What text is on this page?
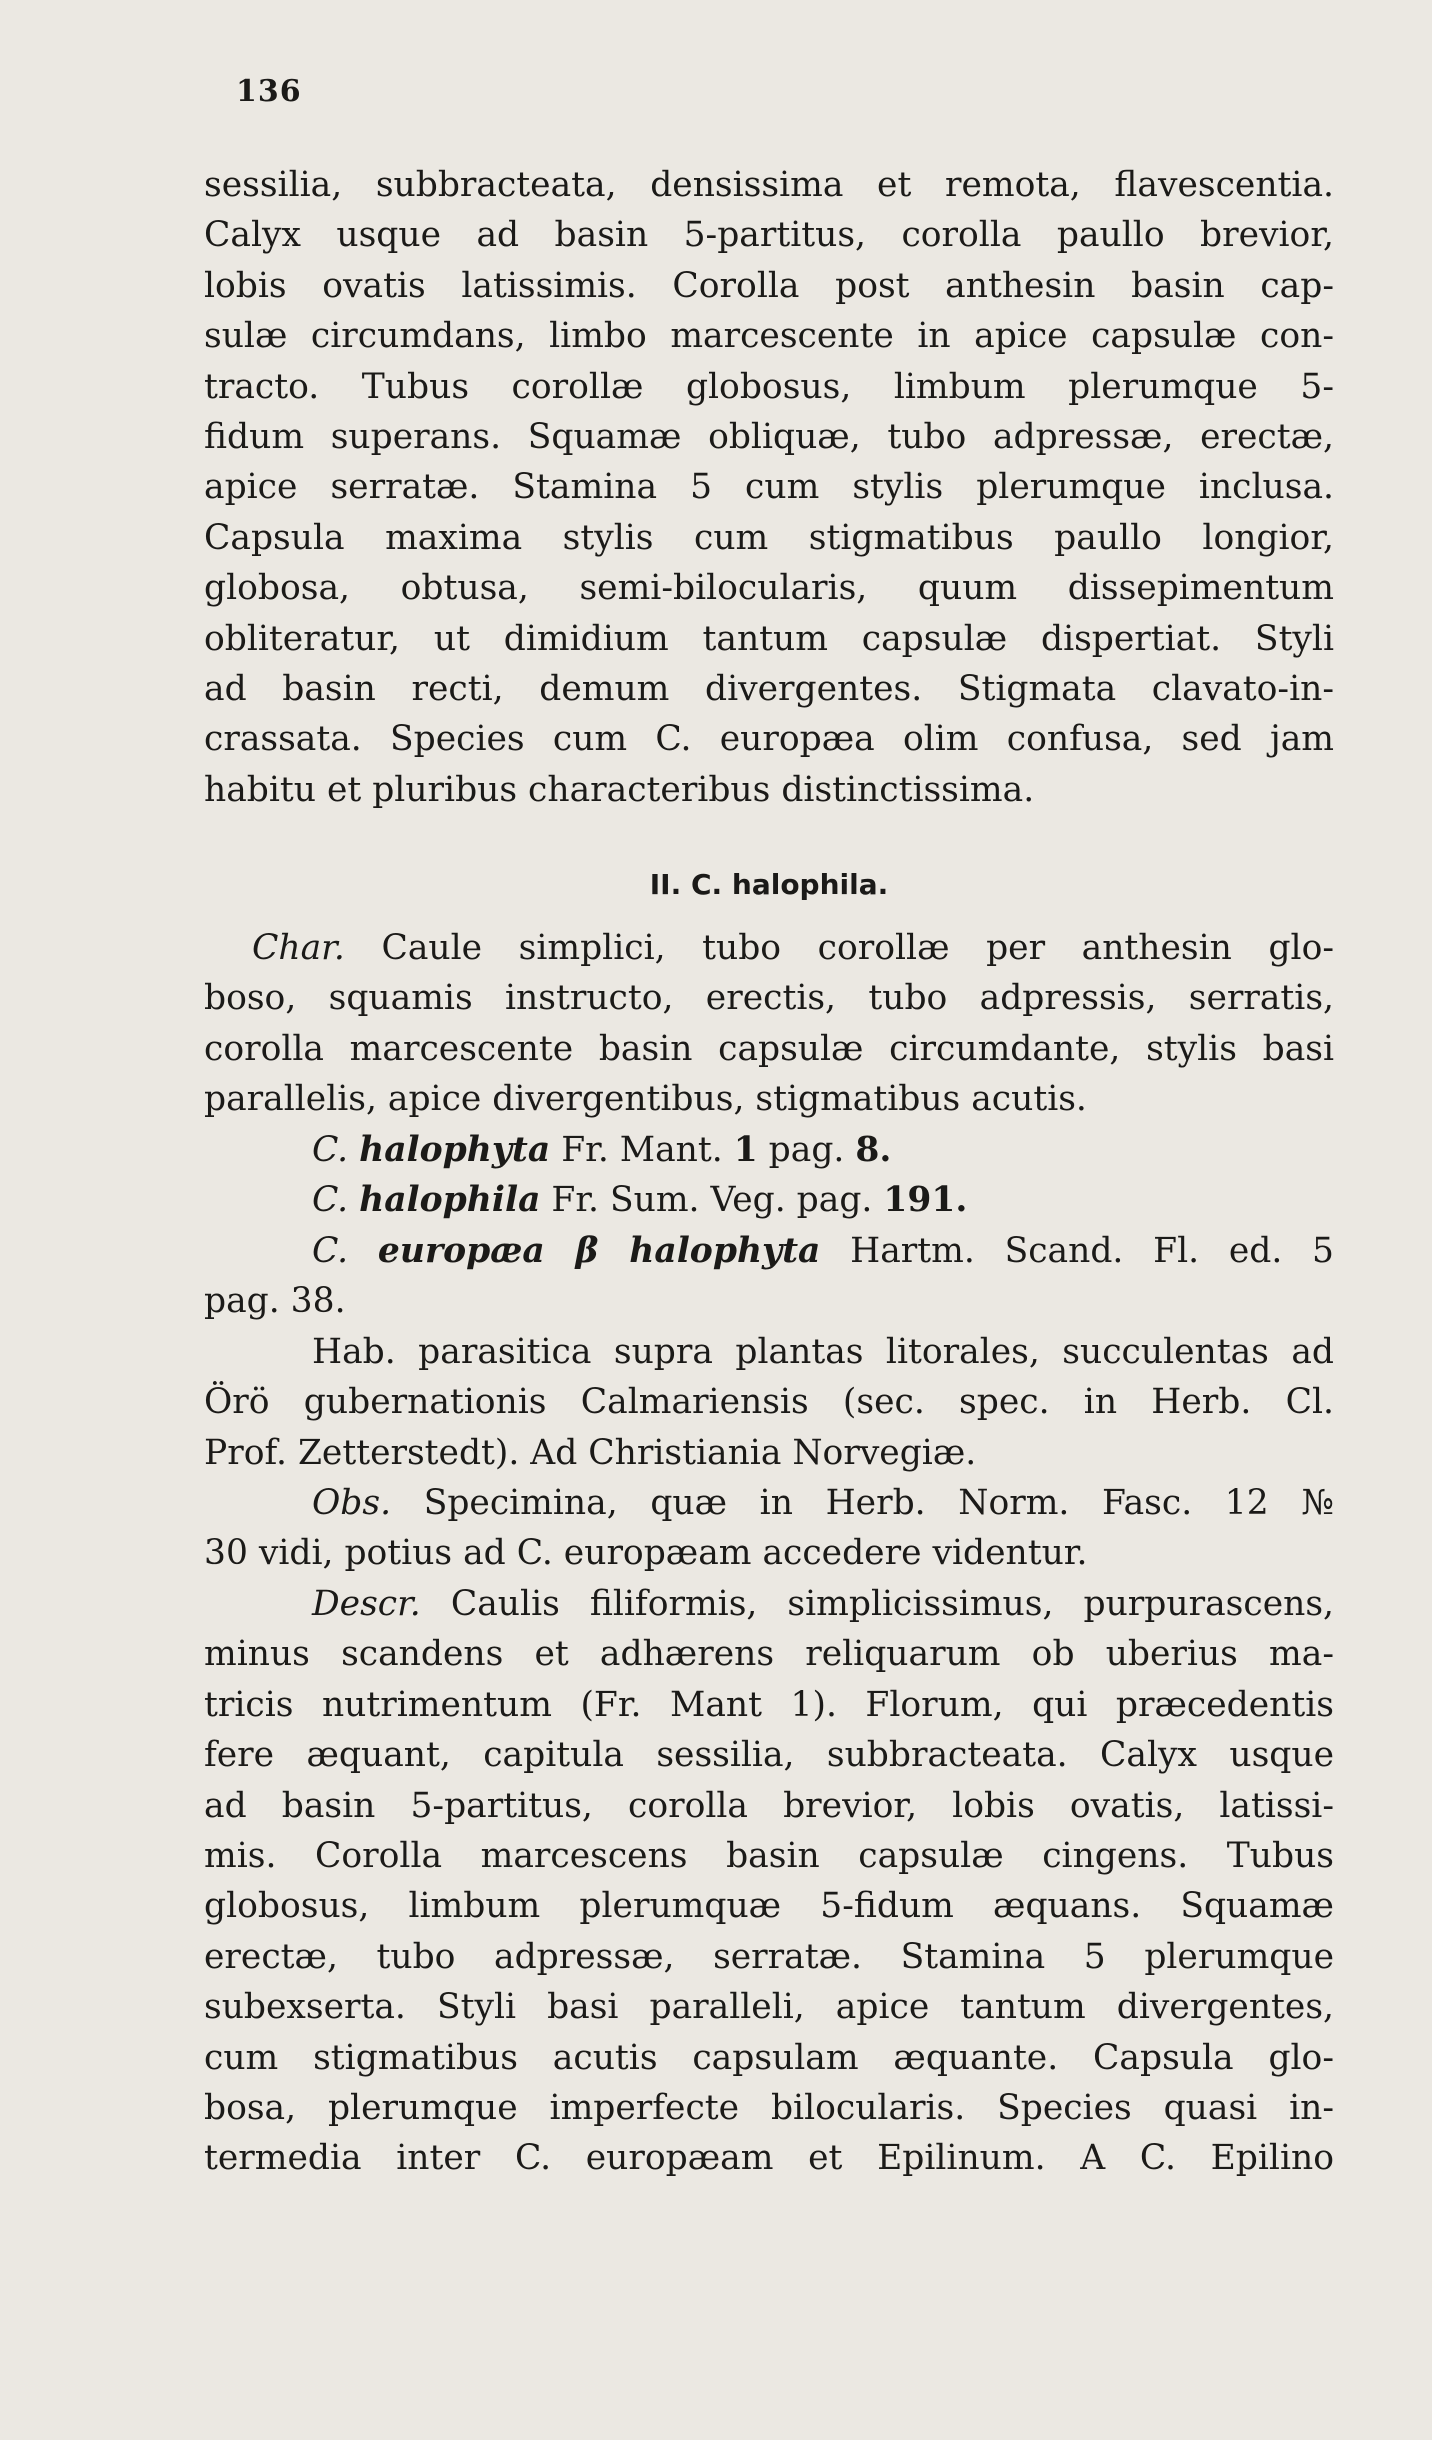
136
sessilia, subbracteata, densissima et remota, flavescentia.
Calyx usque ad basin 5-partitus, corolla paullo brevior,
lobis ovatis latissimis. Corolla post anthesin basin cap-
sulæ circumdans, limbo marcescente in apice capsulæ con-
tracto. Tubus corollæ globosus, limbum plerumque 5-
fidum superans. Squamæ obliquæ, tubo adpressæ, erectæ,
apice serratæ. Stamina 5 cum stylis plerumque inclusa.
Capsula maxima stylis cum stigmatibus paullo longior,
globosa, obtusa, semi-bilocularis, quum dissepimentum
obliteratur, ut dimidium tantum capsulæ dispertiat. Styli
ad basin recti, demum divergentes. Stigmata clavato-in-
crassata. Species cum C. europæa olim confusa, sed jam
habitu et pluribus characteribus distinctissima.
II. C. halophila.
Char. Caule simplici, tubo corollæ per anthesin glo-
boso, squamis instructo, erectis, tubo adpressis, serratis,
corolla marcescente basin capsulæ circumdante, stylis basi
parallelis, apice divergentibus, stigmatibus acutis.
C. halophyta Fr. Mant. 1 pag. 8.
C. halophila Fr. Sum. Veg. pag. 191.
C. europæa β halophyta Hartm. Scand. Fl. ed. 5
pag. 38.
Hab. parasitica supra plantas litorales, succulentas ad
Örö gubernationis Calmariensis (sec. spec. in Herb. Cl.
Prof. Zetterstedt). Ad Christiania Norvegiæ.
Obs. Specimina, quæ in Herb. Norm. Fasc. 12 №
30 vidi, potius ad C. europæam accedere videntur.
Descr. Caulis filiformis, simplicissimus, purpurascens,
minus scandens et adhærens reliquarum ob uberius ma-
tricis nutrimentum (Fr. Mant 1). Florum, qui præcedentis
fere æquant, capitula sessilia, subbracteata. Calyx usque
ad basin 5-partitus, corolla brevior, lobis ovatis, latissi-
mis. Corolla marcescens basin capsulæ cingens. Tubus
globosus, limbum plerumquæ 5-fidum æquans. Squamæ
erectæ, tubo adpressæ, serratæ. Stamina 5 plerumque
subexserta. Styli basi paralleli, apice tantum divergentes,
cum stigmatibus acutis capsulam æquante. Capsula glo-
bosa, plerumque imperfecte bilocularis. Species quasi in-
termedia inter C. europæam et Epilinum. A C. Epilino
